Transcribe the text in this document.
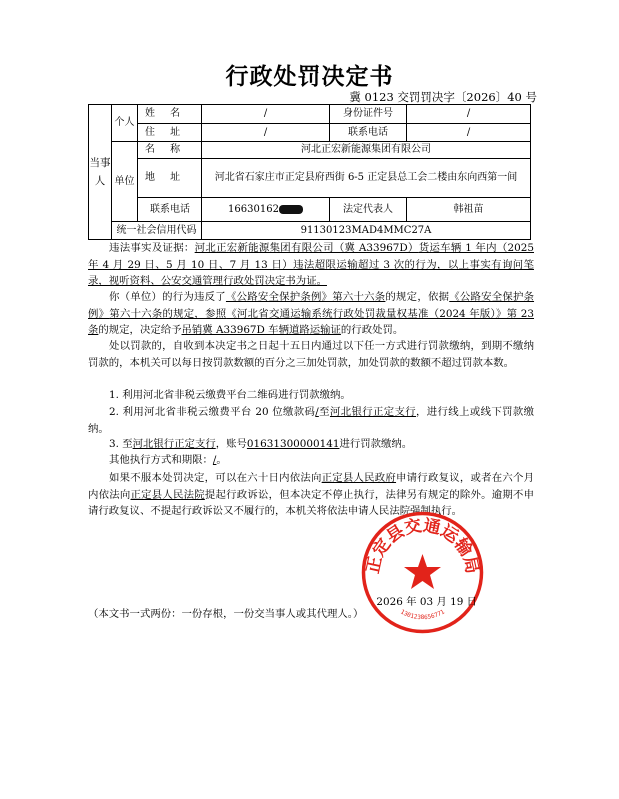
行政处罚决定书
冀 0123 交罚罚决字〔2026〕40 号
当事人
个人
单位
姓 名	/	身份证件号	/
住 址	/	联系电话	/
名 称	河北正宏新能源集团有限公司
地 址	河北省石家庄市正定县府西街 6-5 正定县总工会二楼由东向西第一间
联系电话	16630162	法定代表人	韩祖苗
统一社会信用代码	91130123MAD4MMC27A
违法事实及证据：河北正宏新能源集团有限公司（冀 A33967D）货运车辆 1 年内（2025 年 4 月 29 日、5 月 10 日、7 月 13 日）违法超限运输超过 3 次的行为，以上事实有询问笔录，视听资料、公安交通管理行政处罚决定书为证。
你（单位）的行为违反了《公路安全保护条例》第六十六条的规定，依据《公路安全保护条例》第六十六条的规定，参照《河北省交通运输系统行政处罚裁量权基准（2024 年版）》第 23 条的规定，决定给予吊销冀 A33967D 车辆道路运输证的行政处罚。
处以罚款的，自收到本决定书之日起十五日内通过以下任一方式进行罚款缴纳，到期不缴纳罚款的，本机关可以每日按罚款数额的百分之三加处罚款，加处罚款的数额不超过罚款本数。
1. 利用河北省非税云缴费平台二维码进行罚款缴纳。
2. 利用河北省非税云缴费平台 20 位缴款码/至河北银行正定支行，进行线上或线下罚款缴纳。
3. 至河北银行正定支行，账号01631300000141进行罚款缴纳。
其他执行方式和期限：/。
如果不服本处罚决定，可以在六十日内依法向正定县人民政府申请行政复议，或者在六个月内依法向正定县人民法院提起行政诉讼，但本决定不停止执行，法律另有规定的除外。逾期不申请行政复议、不提起行政诉讼又不履行的，本机关将依法申请人民法院强制执行。
正定县交通运输局
1301238656771
2026 年 03 月 19 日
（本文书一式两份：一份存根，一份交当事人或其代理人。）
